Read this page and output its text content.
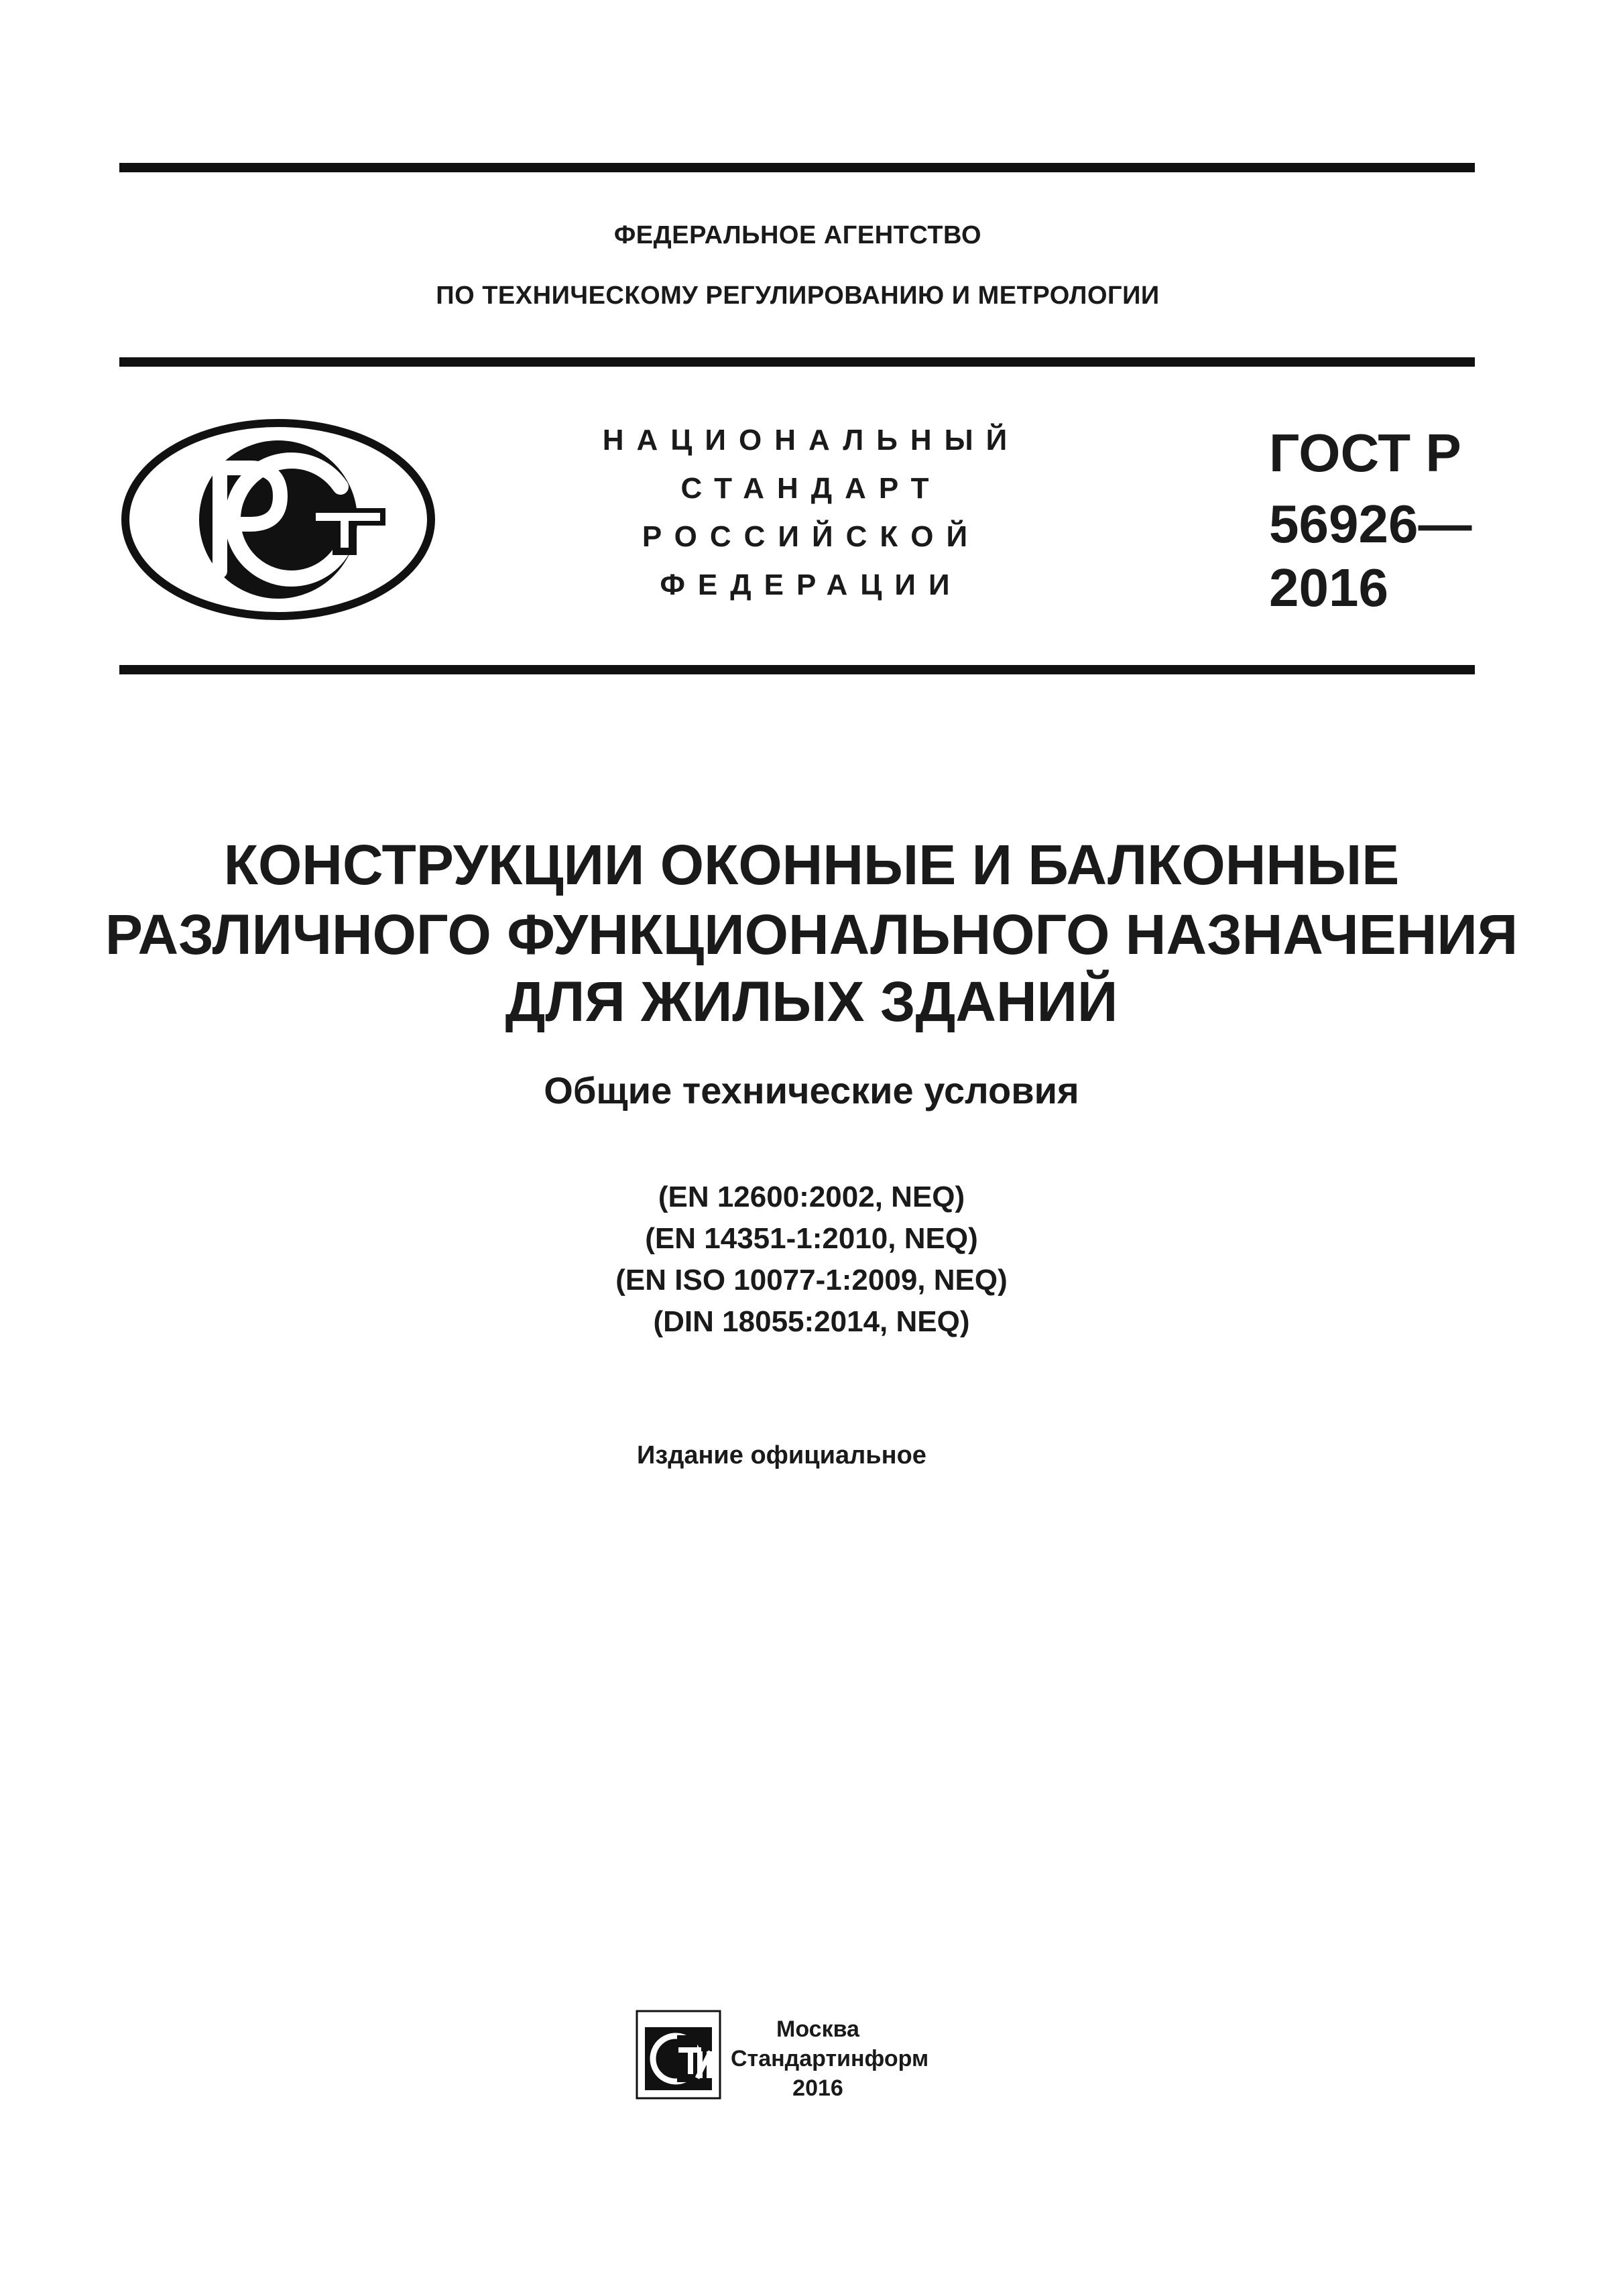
ФЕДЕРАЛЬНОЕ АГЕНТСТВО
ПО ТЕХНИЧЕСКОМУ РЕГУЛИРОВАНИЮ И МЕТРОЛОГИИ
НАЦИОНАЛЬНЫЙ
СТАНДАРТ
РОССИЙСКОЙ
ФЕДЕРАЦИИ
ГОСТ Р
56926—
2016
КОНСТРУКЦИИ ОКОННЫЕ И БАЛКОННЫЕ
РАЗЛИЧНОГО ФУНКЦИОНАЛЬНОГО НАЗНАЧЕНИЯ
ДЛЯ ЖИЛЫХ ЗДАНИЙ
Общие технические условия
(EN 12600:2002, NEQ)
(EN 14351-1:2010, NEQ)
(EN ISO 10077-1:2009, NEQ)
(DIN 18055:2014, NEQ)
Издание официальное
Москва
Стандартинформ
2016
